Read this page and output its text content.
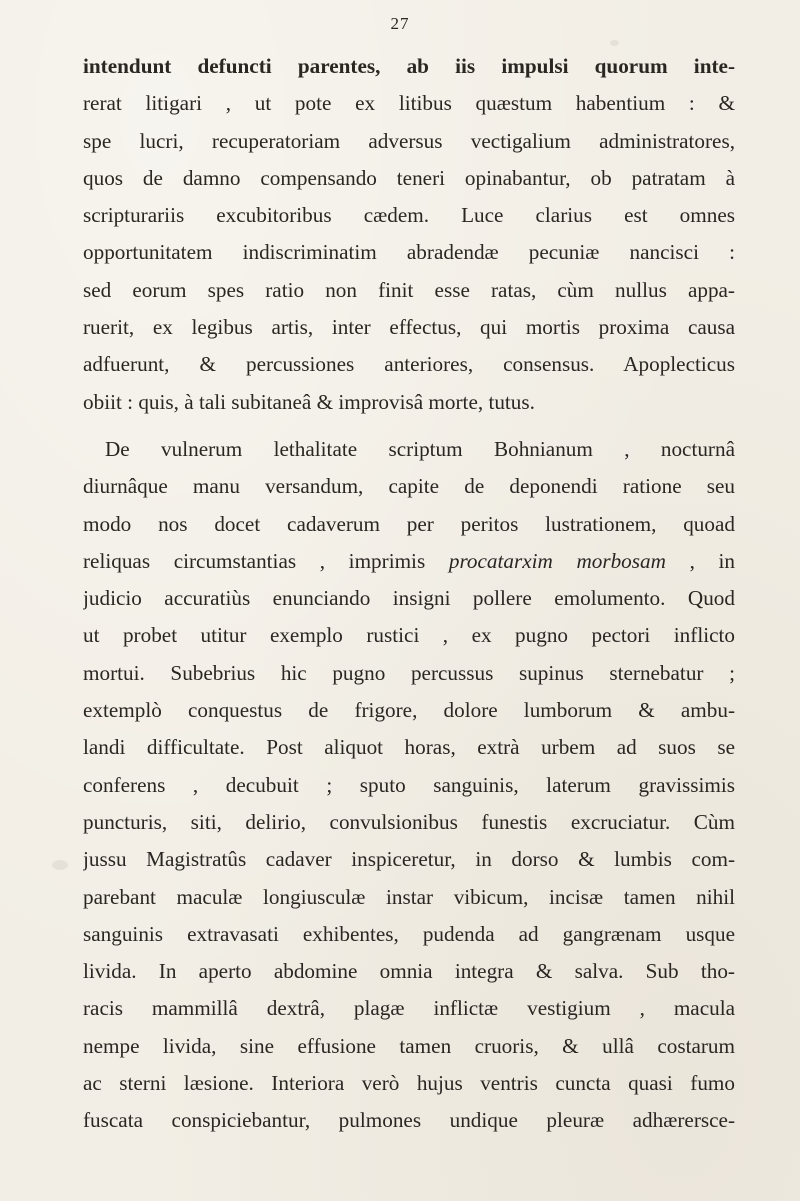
27
intendunt defuncti parentes, ab iis impulsi quorum inte-
rerat litigari , ut pote ex litibus quæstum habentium : &
spe lucri, recuperatoriam adversus vectigalium administratores,
quos de damno compensando teneri opinabantur, ob patratam à
scripturariis excubitoribus cædem. Luce clarius est omnes
opportunitatem indiscriminatim abradendæ pecuniæ nancisci :
sed eorum spes ratio non finit esse ratas, cùm nullus appa-
ruerit, ex legibus artis, inter effectus, qui mortis proxima causa
adfuerunt, & percussiones anteriores, consensus. Apoplecticus
obiit : quis, à tali subitaneâ & improvisâ morte, tutus.
De vulnerum lethalitate scriptum Bohnianum , nocturnâ
diurnâque manu versandum, capite de deponendi ratione seu
modo nos docet cadaverum per peritos lustrationem, quoad
reliquas circumstantias , imprimis procatarxim morbosam , in
judicio accuratiùs enunciando insigni pollere emolumento. Quod
ut probet utitur exemplo rustici , ex pugno pectori inflicto
mortui. Subebrius hic pugno percussus supinus sternebatur ;
extemplò conquestus de frigore, dolore lumborum & ambu-
landi difficultate. Post aliquot horas, extrà urbem ad suos se
conferens , decubuit ; sputo sanguinis, laterum gravissimis
puncturis, siti, delirio, convulsionibus funestis excruciatur. Cùm
jussu Magistratûs cadaver inspiceretur, in dorso & lumbis com-
parebant maculæ longiusculæ instar vibicum, incisæ tamen nihil
sanguinis extravasati exhibentes, pudenda ad gangrænam usque
livida. In aperto abdomine omnia integra & salva. Sub tho-
racis mammillâ dextrâ, plagæ inflictæ vestigium , macula
nempe livida, sine effusione tamen cruoris, & ullâ costarum
ac sterni læsione. Interiora verò hujus ventris cuncta quasi fumo
fuscata conspiciebantur, pulmones undique pleuræ adhærersce-
